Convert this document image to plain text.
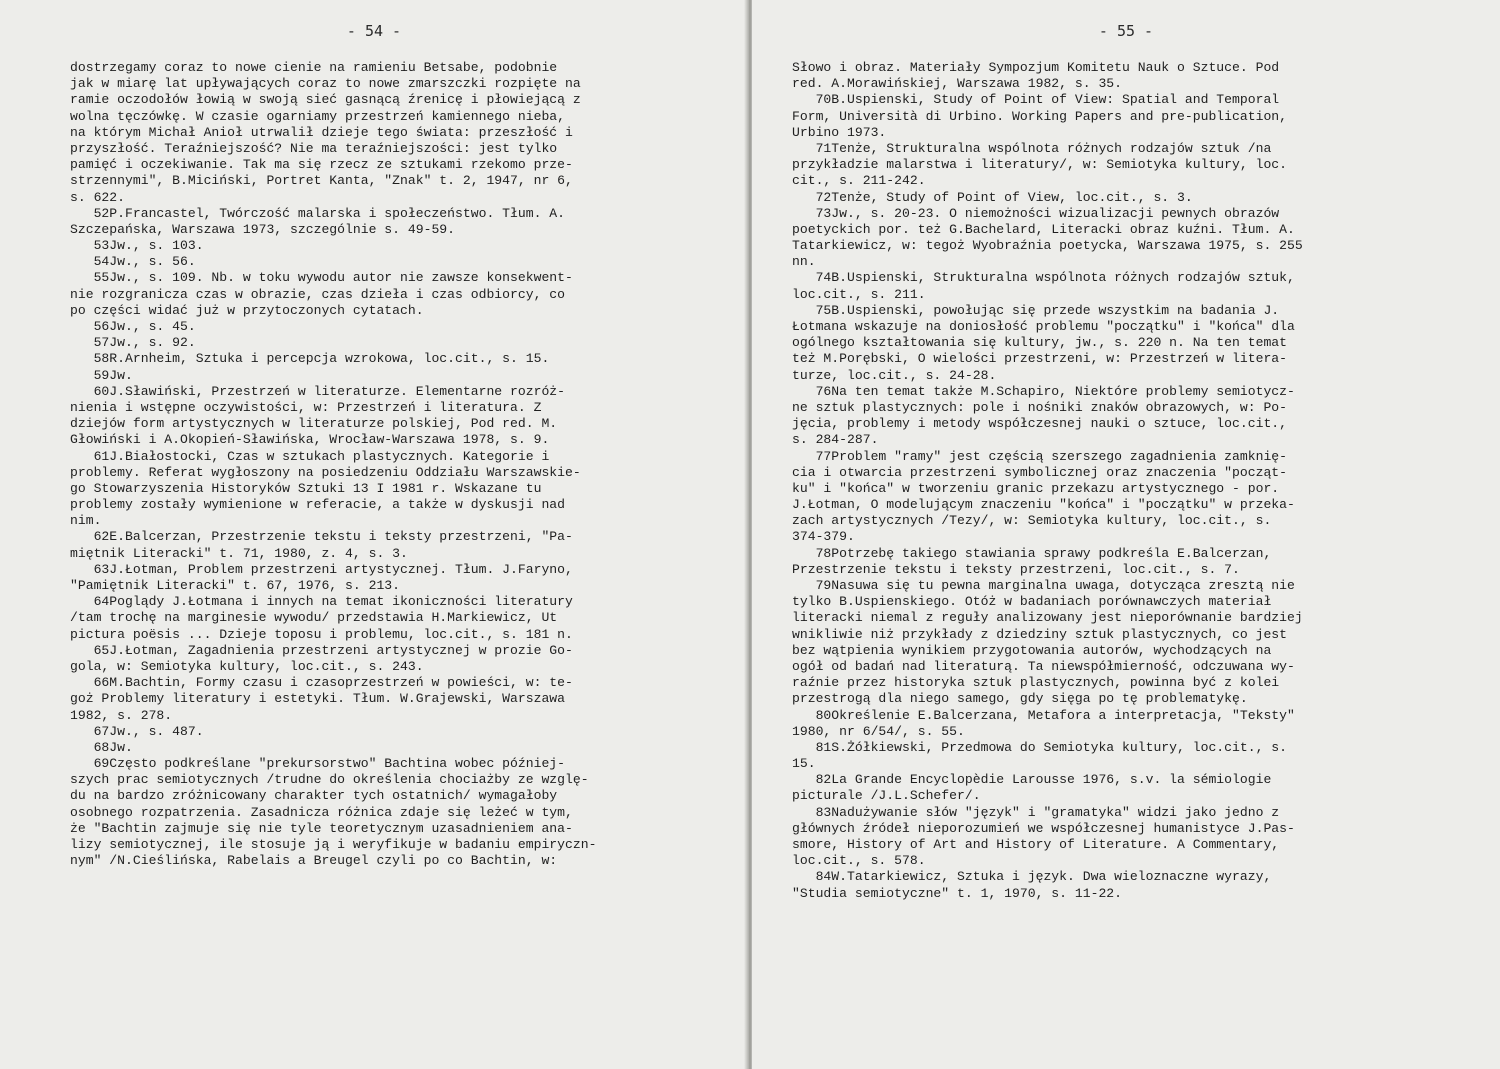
- 54 -

dostrzegamy coraz to nowe cienie na ramieniu Betsabe, podobnie
jak w miarę lat upływających coraz to nowe zmarszczki rozpięte na
ramie oczodołów łowią w swoją sieć gasnącą źrenicę i płowiejącą z
wolna tęczówkę. W czasie ogarniamy przestrzeń kamiennego nieba,
na którym Michał Anioł utrwalił dzieje tego świata: przeszłość i
przyszłość. Teraźniejszość? Nie ma teraźniejszości: jest tylko
pamięć i oczekiwanie. Tak ma się rzecz ze sztukami rzekomo prze-
strzennymi", B.Miciński, Portret Kanta, "Znak" t. 2, 1947, nr 6,
s. 622.
52P.Francastel, Twórczość malarska i społeczeństwo. Tłum. A.
Szczepańska, Warszawa 1973, szczególnie s. 49-59.
53Jw., s. 103.
54Jw., s. 56.
55Jw., s. 109. Nb. w toku wywodu autor nie zawsze konsekwent-
nie rozgranicza czas w obrazie, czas dzieła i czas odbiorcy, co
po części widać już w przytoczonych cytatach.
56Jw., s. 45.
57Jw., s. 92.
58R.Arnheim, Sztuka i percepcja wzrokowa, loc.cit., s. 15.
59Jw.
60J.Sławiński, Przestrzeń w literaturze. Elementarne rozróż-
nienia i wstępne oczywistości, w: Przestrzeń i literatura. Z
dziejów form artystycznych w literaturze polskiej, Pod red. M.
Głowiński i A.Okopień-Sławińska, Wrocław-Warszawa 1978, s. 9.
61J.Białostocki, Czas w sztukach plastycznych. Kategorie i
problemy. Referat wygłoszony na posiedzeniu Oddziału Warszawskie-
go Stowarzyszenia Historyków Sztuki 13 I 1981 r. Wskazane tu
problemy zostały wymienione w referacie, a także w dyskusji nad
nim.
62E.Balcerzan, Przestrzenie tekstu i teksty przestrzeni, "Pa-
miętnik Literacki" t. 71, 1980, z. 4, s. 3.
63J.Łotman, Problem przestrzeni artystycznej. Tłum. J.Faryno,
"Pamiętnik Literacki" t. 67, 1976, s. 213.
64Poglądy J.Łotmana i innych na temat ikoniczności literatury
/tam trochę na marginesie wywodu/ przedstawia H.Markiewicz, Ut
pictura poësis ... Dzieje toposu i problemu, loc.cit., s. 181 n.
65J.Łotman, Zagadnienia przestrzeni artystycznej w prozie Go-
gola, w: Semiotyka kultury, loc.cit., s. 243.
66M.Bachtin, Formy czasu i czasoprzestrzeń w powieści, w: te-
goż Problemy literatury i estetyki. Tłum. W.Grajewski, Warszawa
1982, s. 278.
67Jw., s. 487.
68Jw.
69Często podkreślane "prekursorstwo" Bachtina wobec później-
szych prac semiotycznych /trudne do określenia chociażby ze wzglę-
du na bardzo zróżnicowany charakter tych ostatnich/ wymagałoby
osobnego rozpatrzenia. Zasadnicza różnica zdaje się leżeć w tym,
że "Bachtin zajmuje się nie tyle teoretycznym uzasadnieniem ana-
lizy semiotycznej, ile stosuje ją i weryfikuje w badaniu empiryczn-
nym" /N.Cieślińska, Rabelais a Breugel czyli po co Bachtin, w:

- 55 -

Słowo i obraz. Materiały Sympozjum Komitetu Nauk o Sztuce. Pod
red. A.Morawińskiej, Warszawa 1982, s. 35.
70B.Uspienski, Study of Point of View: Spatial and Temporal
Form, Università di Urbino. Working Papers and pre-publication,
Urbino 1973.
71Tenże, Strukturalna wspólnota różnych rodzajów sztuk /na
przykładzie malarstwa i literatury/, w: Semiotyka kultury, loc.
cit., s. 211-242.
72Tenże, Study of Point of View, loc.cit., s. 3.
73Jw., s. 20-23. O niemożności wizualizacji pewnych obrazów
poetyckich por. też G.Bachelard, Literacki obraz kuźni. Tłum. A.
Tatarkiewicz, w: tegoż Wyobraźnia poetycka, Warszawa 1975, s. 255
nn.
74B.Uspienski, Strukturalna wspólnota różnych rodzajów sztuk,
loc.cit., s. 211.
75B.Uspienski, powołując się przede wszystkim na badania J.
Łotmana wskazuje na doniosłość problemu "początku" i "końca" dla
ogólnego kształtowania się kultury, jw., s. 220 n. Na ten temat
też M.Porębski, O wielości przestrzeni, w: Przestrzeń w litera-
turze, loc.cit., s. 24-28.
76Na ten temat także M.Schapiro, Niektóre problemy semiotycz-
ne sztuk plastycznych: pole i nośniki znaków obrazowych, w: Po-
jęcia, problemy i metody współczesnej nauki o sztuce, loc.cit.,
s. 284-287.
77Problem "ramy" jest częścią szerszego zagadnienia zamknię-
cia i otwarcia przestrzeni symbolicznej oraz znaczenia "począt-
ku" i "końca" w tworzeniu granic przekazu artystycznego - por.
J.Łotman, O modelującym znaczeniu "końca" i "początku" w przeka-
zach artystycznych /Tezy/, w: Semiotyka kultury, loc.cit., s.
374-379.
78Potrzebę takiego stawiania sprawy podkreśla E.Balcerzan,
Przestrzenie tekstu i teksty przestrzeni, loc.cit., s. 7.
79Nasuwa się tu pewna marginalna uwaga, dotycząca zresztą nie
tylko B.Uspienskiego. Otóż w badaniach porównawczych materiał
literacki niemal z reguły analizowany jest nieporównanie bardziej
wnikliwie niż przykłady z dziedziny sztuk plastycznych, co jest
bez wątpienia wynikiem przygotowania autorów, wychodzących na
ogół od badań nad literaturą. Ta niewspółmierność, odczuwana wy-
raźnie przez historyka sztuk plastycznych, powinna być z kolei
przestrogą dla niego samego, gdy sięga po tę problematykę.
80Określenie E.Balcerzana, Metafora a interpretacja, "Teksty"
1980, nr 6/54/, s. 55.
81S.Żółkiewski, Przedmowa do Semiotyka kultury, loc.cit., s.
15.
82La Grande Encyclopèdie Larousse 1976, s.v. la sémiologie
picturale /J.L.Schefer/.
83Nadużywanie słów "język" i "gramatyka" widzi jako jedno z
głównych źródeł nieporozumień we współczesnej humanistyce J.Pas-
smore, History of Art and History of Literature. A Commentary,
loc.cit., s. 578.
84W.Tatarkiewicz, Sztuka i język. Dwa wieloznaczne wyrazy,
"Studia semiotyczne" t. 1, 1970, s. 11-22.
